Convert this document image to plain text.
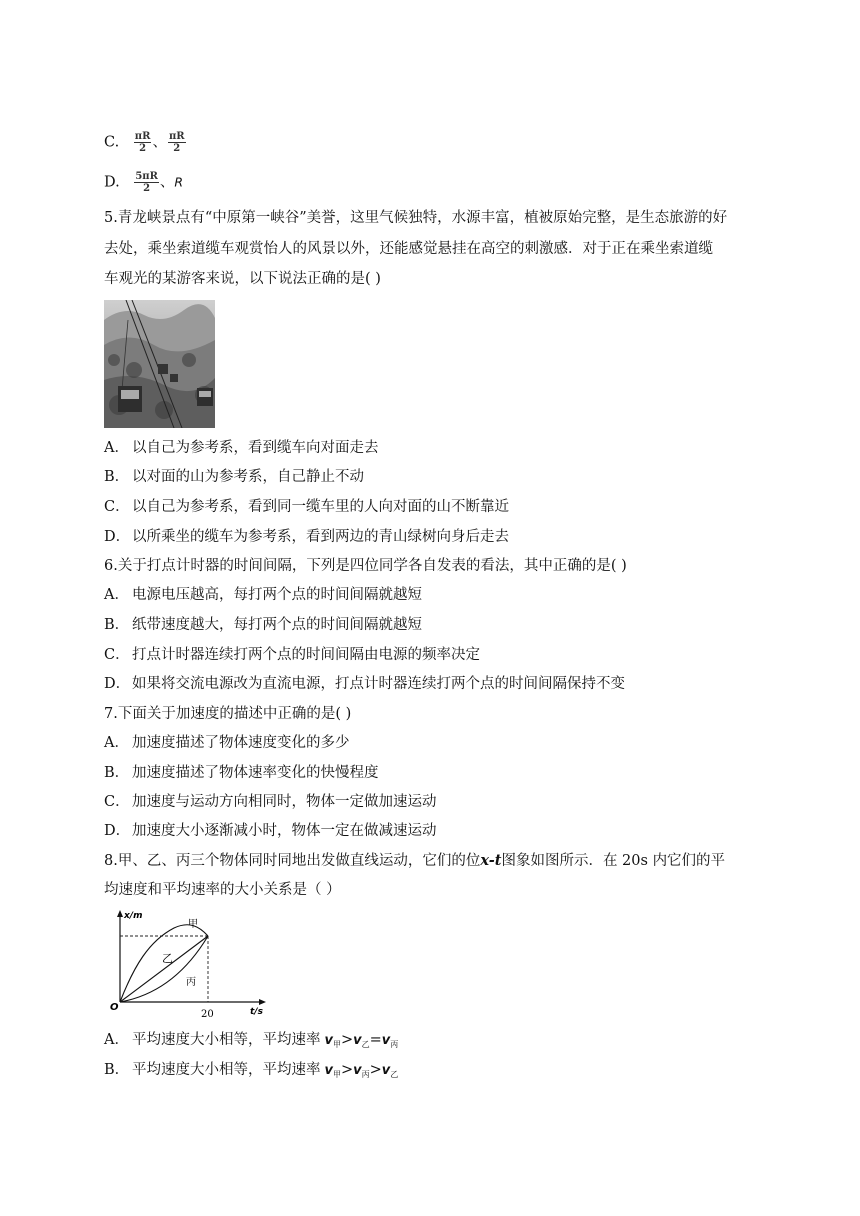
C. $\frac{\pi R}{2}$ 、 $\frac{\pi R}{2}$
D. $\frac{5\pi R}{2}$ 、R
5.青龙峡景点有“中原第一峡谷”美誉，这里气候独特，水源丰富，植被原始完整，是生态旅游的好
去处，乘坐索道缆车观赏怡人的风景以外，还能感觉悬挂在高空的刺激感．对于正在乘坐索道缆
车观光的某游客来说，以下说法正确的是( )
A． 以自己为参考系，看到缆车向对面走去
B． 以对面的山为参考系，自己静止不动
C． 以自己为参考系，看到同一缆车里的人向对面的山不断靠近
D． 以所乘坐的缆车为参考系，看到两边的青山绿树向身后走去
6.关于打点计时器的时间间隔，下列是四位同学各自发表的看法，其中正确的是( )
A． 电源电压越高，每打两个点的时间间隔就越短
B． 纸带速度越大，每打两个点的时间间隔就越短
C． 打点计时器连续打两个点的时间间隔由电源的频率决定
D． 如果将交流电源改为直流电源，打点计时器连续打两个点的时间间隔保持不变
7.下面关于加速度的描述中正确的是( )
A． 加速度描述了物体速度变化的多少
B． 加速度描述了物体速率变化的快慢程度
C． 加速度与运动方向相同时，物体一定做加速运动
D． 加速度大小逐渐减小时，物体一定在做减速运动
8.甲、乙、丙三个物体同时同地出发做直线运动，它们的位x-t图象如图所示．在 20s 内它们的平
均速度和平均速率的大小关系是（ ）
x/m
t/s
O
20
甲
乙
丙
A． 平均速度大小相等，平均速率 $v_甲>v_乙=v_丙$
B． 平均速度大小相等，平均速率 $v_甲>v_丙>v_乙$
